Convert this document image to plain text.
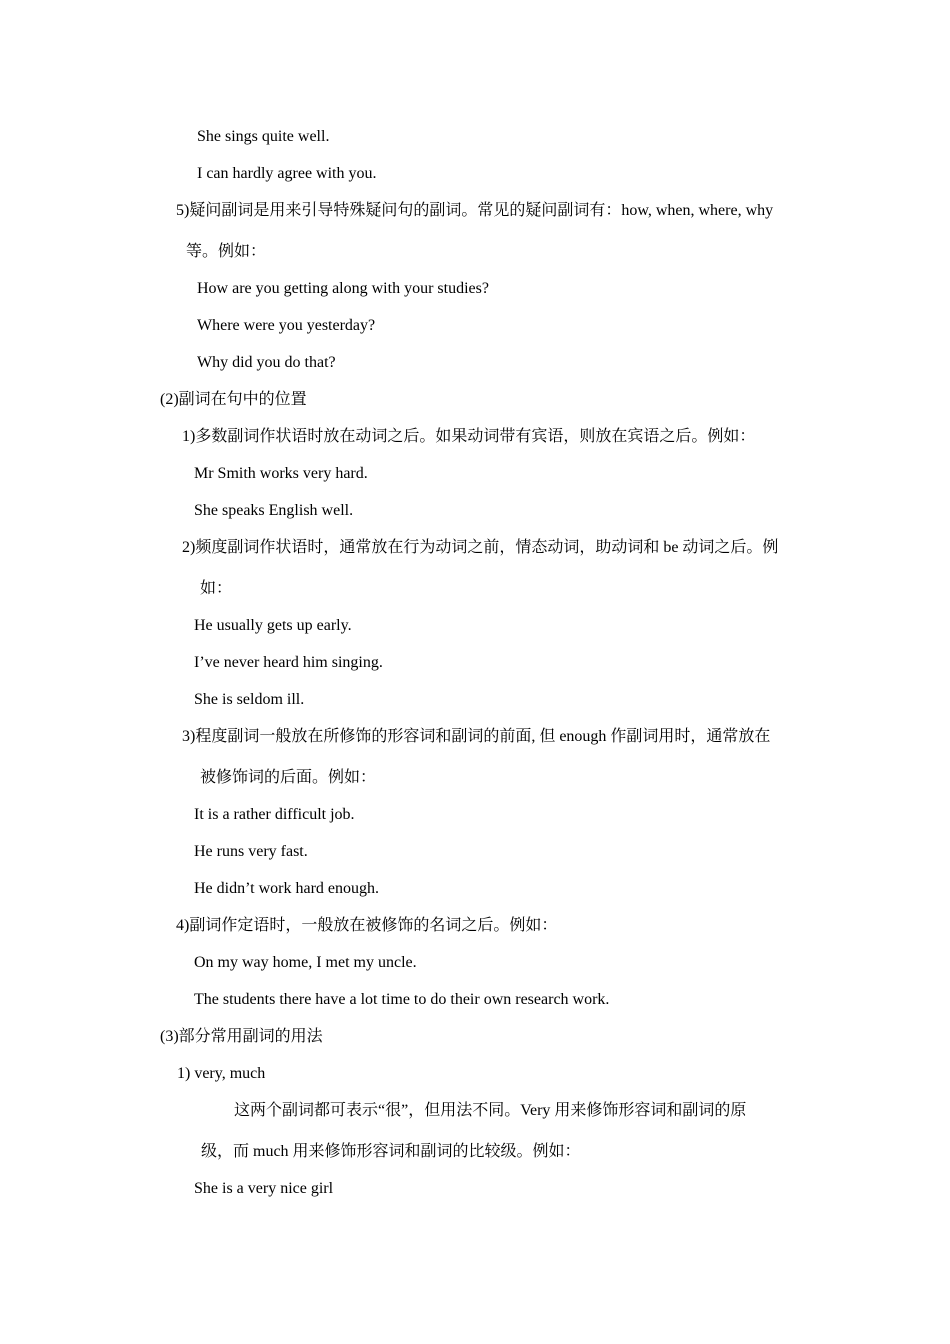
She sings quite well.
I can hardly agree with you.
5)疑问副词是用来引导特殊疑问句的副词。常见的疑问副词有：how, when, where, why
等。例如：
How are you getting along with your studies?
Where were you yesterday?
Why did you do that?
(2)副词在句中的位置
1)多数副词作状语时放在动词之后。如果动词带有宾语，则放在宾语之后。例如：
Mr Smith works very hard.
She speaks English well.
2)频度副词作状语时，通常放在行为动词之前，情态动词，助动词和 be 动词之后。例
如：
He usually gets up early.
I’ve never heard him singing.
She is seldom ill.
3)程度副词一般放在所修饰的形容词和副词的前面, 但 enough 作副词用时，通常放在
被修饰词的后面。例如：
It is a rather difficult job.
He runs very fast.
He didn’t work hard enough.
4)副词作定语时，一般放在被修饰的名词之后。例如：
On my way home, I met my uncle.
The students there have a lot time to do their own research work.
(3)部分常用副词的用法
1) very, much
这两个副词都可表示“很”，但用法不同。Very 用来修饰形容词和副词的原
级，而 much 用来修饰形容词和副词的比较级。例如：
She is a very nice girl
